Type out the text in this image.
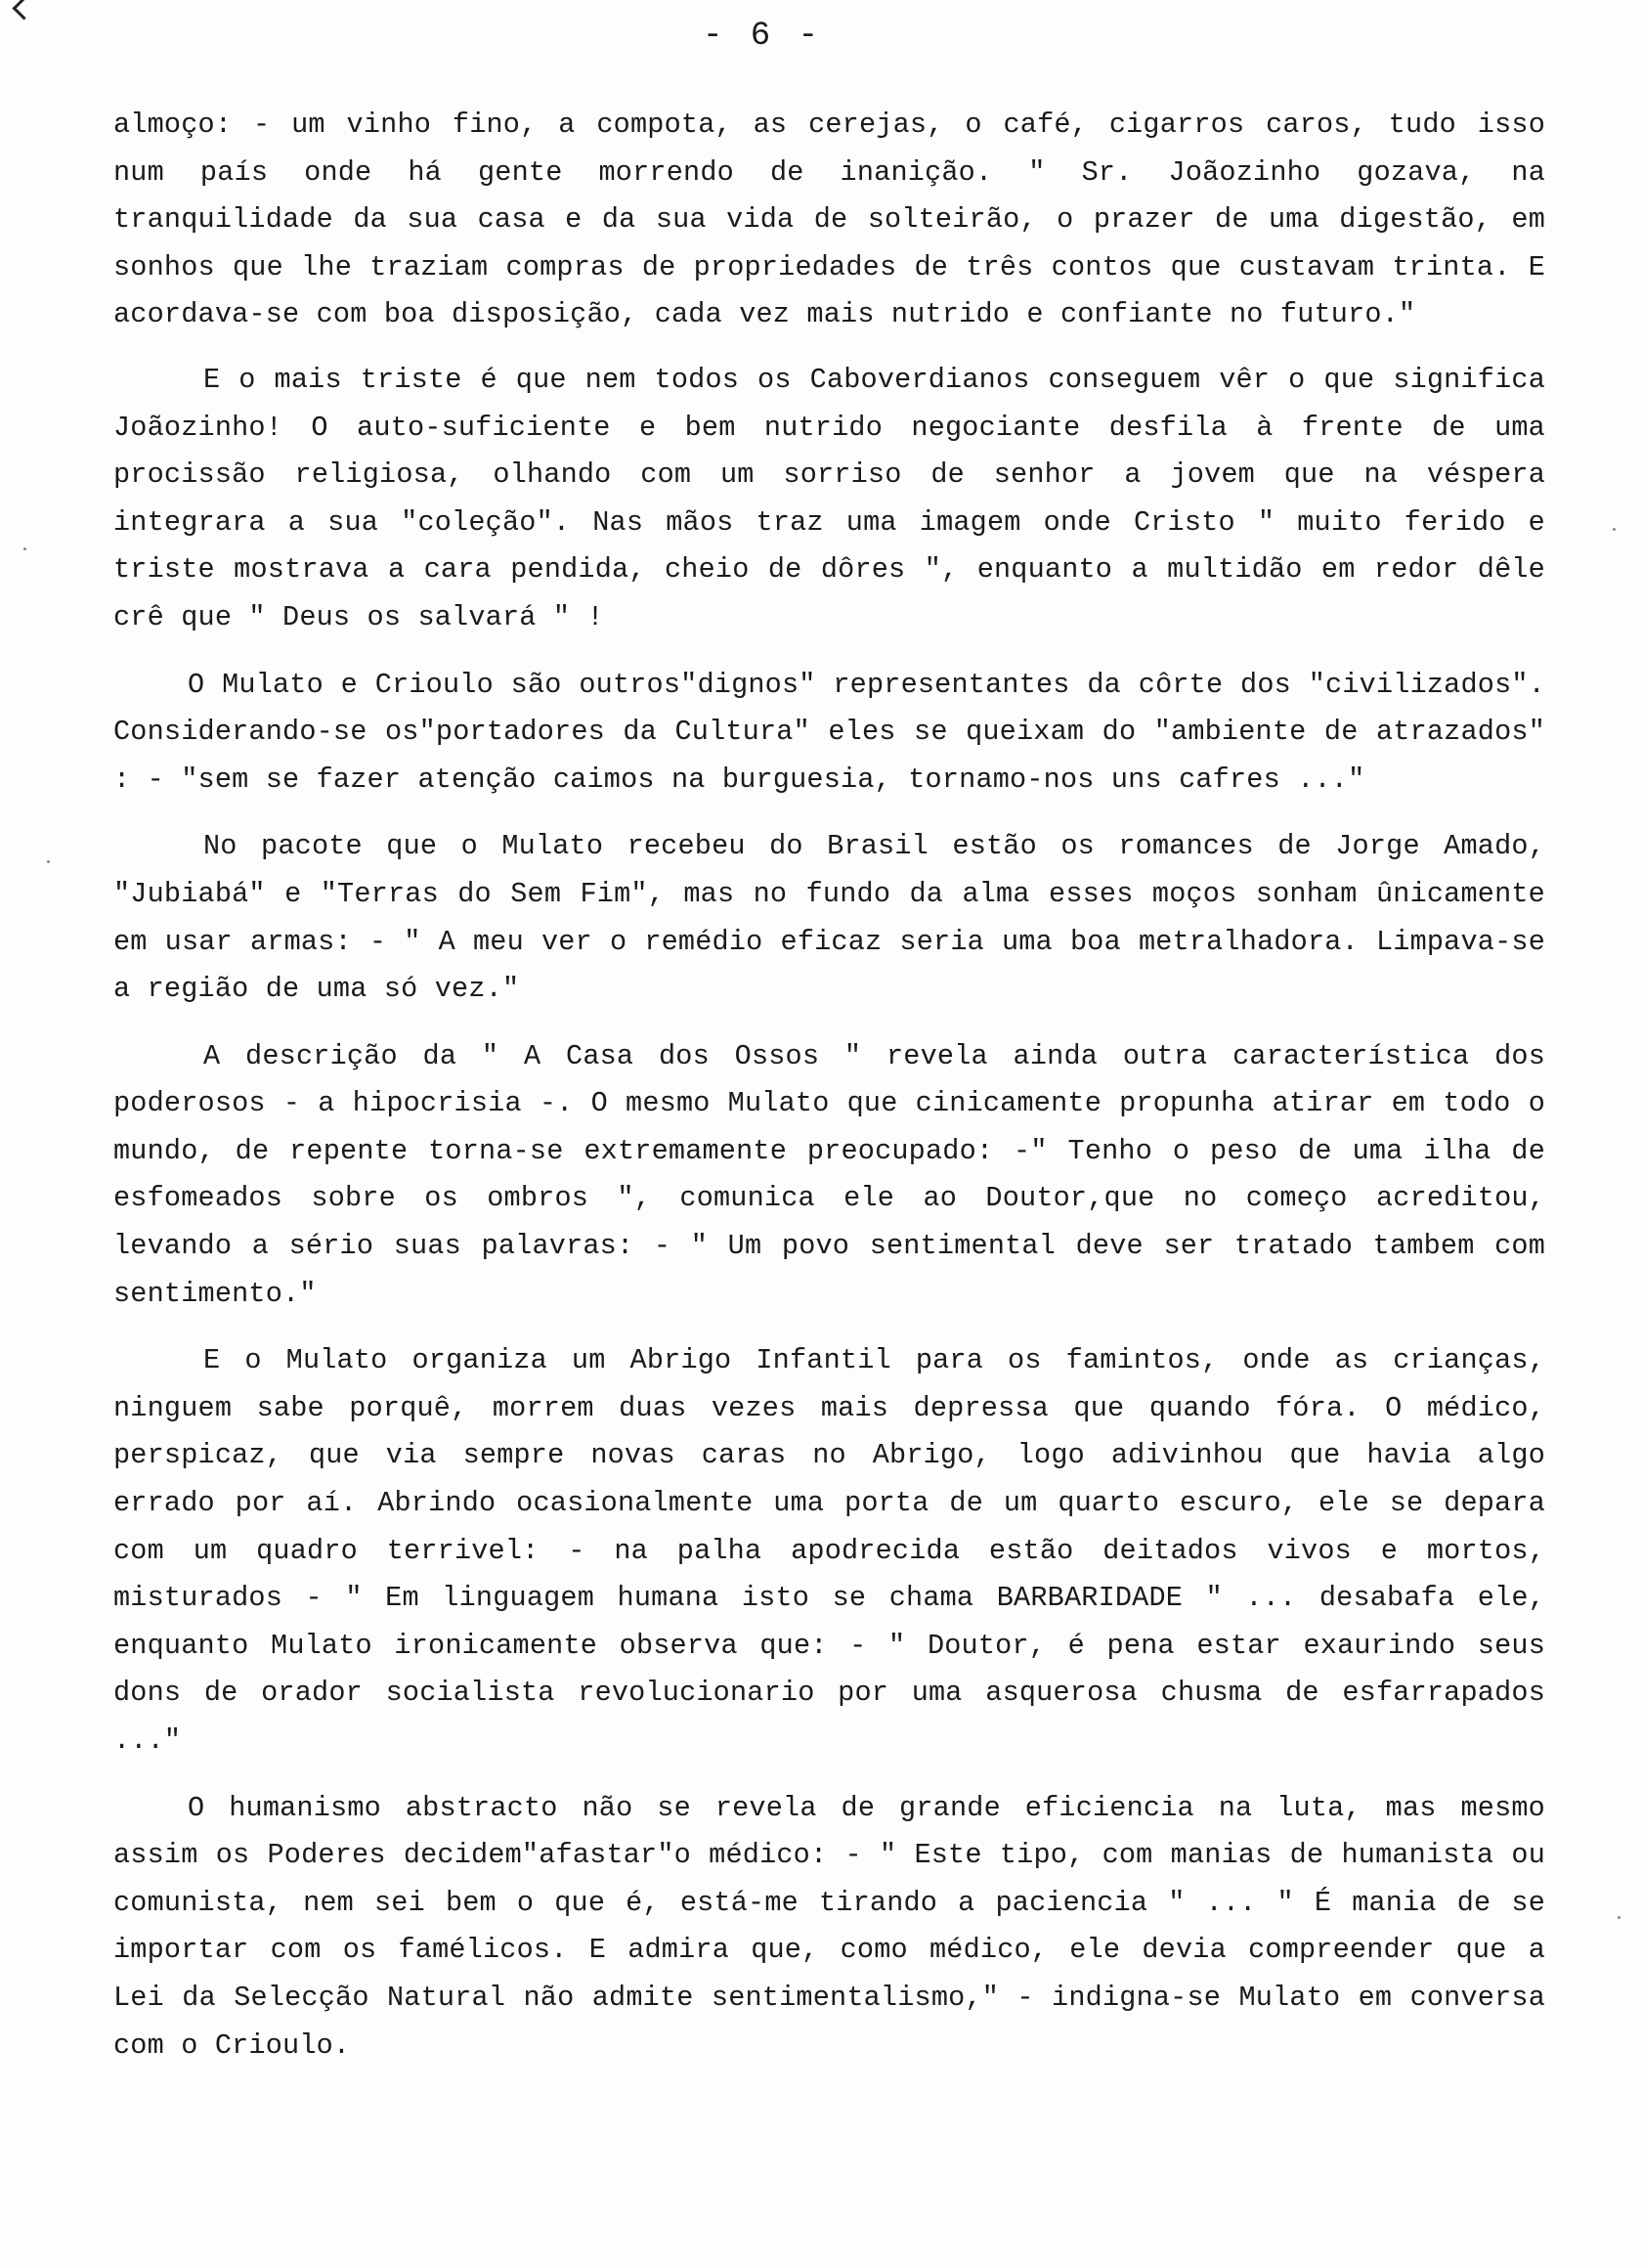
- 6 -

almoço: - um vinho fino, a compota, as cerejas, o café, cigarros caros, tudo isso num país onde há gente morrendo de inanição. " Sr. Joãozinho gozava, na tranquilidade da sua casa e da sua vida de solteirão, o prazer de uma digestão, em sonhos que lhe traziam compras de propriedades de três contos que custavam trinta. E acordava-se com boa disposição, cada vez mais nutrido e confiante no futuro."

E o mais triste é que nem todos os Caboverdianos conseguem vêr o que significa Joãozinho! O auto-suficiente e bem nutrido negociante desfila à frente de uma procissão religiosa, olhando com um sorriso de senhor a jovem que na véspera integrara a sua "coleção". Nas mãos traz uma imagem onde Cristo " muito ferido e triste mostrava a cara pendida, cheio de dôres ", enquanto a multidão em redor dêle crê que " Deus os salvará " !

O Mulato e Crioulo são outros"dignos" representantes da côrte dos "civilizados". Considerando-se os"portadores da Cultura" eles se queixam do "ambiente de atrazados" : - "sem se fazer atenção caimos na burguesia, tornamo-nos uns cafres ..."

No pacote que o Mulato recebeu do Brasil estão os romances de Jorge Amado, "Jubiabá" e "Terras do Sem Fim", mas no fundo da alma esses moços sonham ûnicamente em usar armas: - " A meu ver o remédio eficaz seria uma boa metralhadora. Limpava-se a região de uma só vez."

A descrição da " A Casa dos Ossos " revela ainda outra característica dos poderosos - a hipocrisia -. O mesmo Mulato que cinicamente propunha atirar em todo o mundo, de repente torna-se extremamente preocupado: -" Tenho o peso de uma ilha de esfomeados sobre os ombros ", comunica ele ao Doutor,que no começo acreditou, levando a sério suas palavras: - " Um povo sentimental deve ser tratado tambem com sentimento."

E o Mulato organiza um Abrigo Infantil para os famintos, onde as crianças, ninguem sabe porquê, morrem duas vezes mais depressa que quando fóra. O médico, perspicaz, que via sempre novas caras no Abrigo, logo adivinhou que havia algo errado por aí. Abrindo ocasionalmente uma porta de um quarto escuro, ele se depara com um quadro terrivel: - na palha apodrecida estão deitados vivos e mortos, misturados - " Em linguagem humana isto se chama BARBARIDADE " ... desabafa ele, enquanto Mulato ironicamente observa que: - " Doutor, é pena estar exaurindo seus dons de orador socialista revolucionario por uma asquerosa chusma de esfarrapados ..."

O humanismo abstracto não se revela de grande eficiencia na luta, mas mesmo assim os Poderes decidem"afastar"o médico: - " Este tipo, com manias de humanista ou comunista, nem sei bem o que é, está-me tirando a paciencia " ... " É mania de se importar com os famélicos. E admira que, como médico, ele devia compreender que a Lei da Selecção Natural não admite sentimentalismo," - indigna-se Mulato em conversa com o Crioulo.
